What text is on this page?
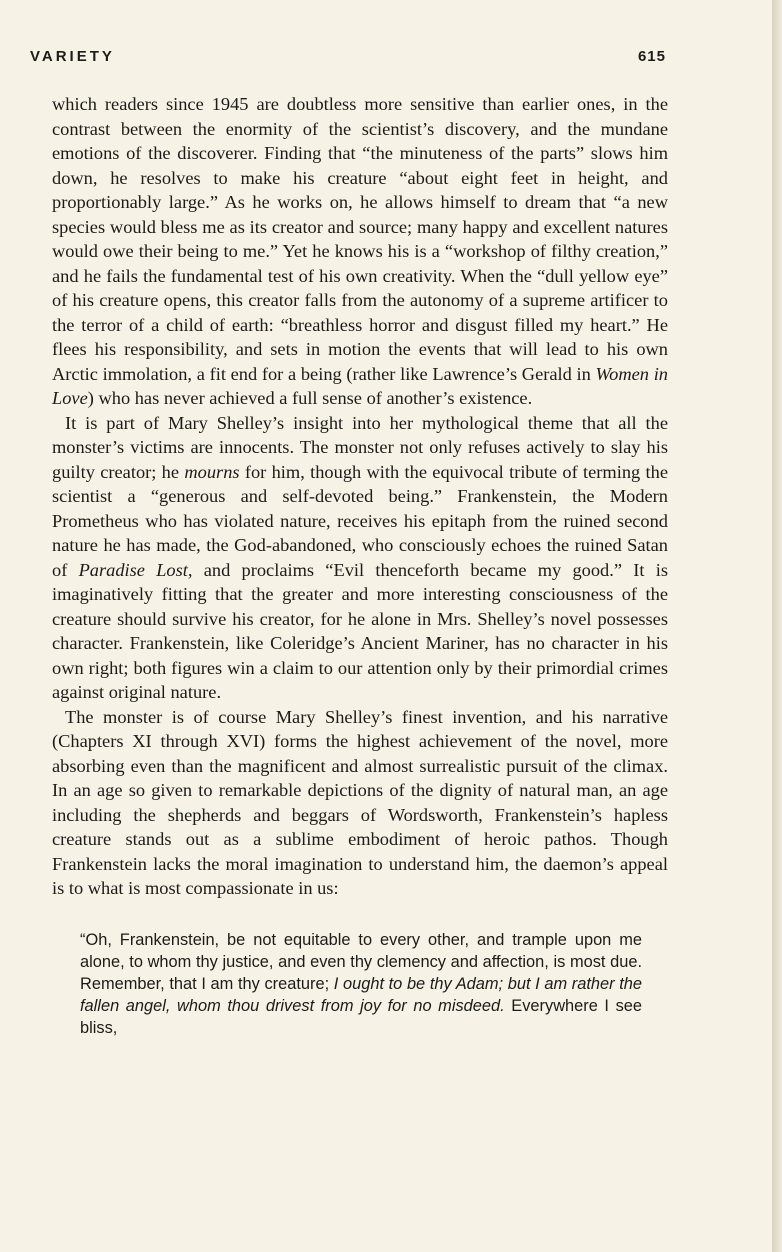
VARIETY	615

which readers since 1945 are doubtless more sensitive than earlier ones, in the contrast between the enormity of the scientist’s discovery, and the mundane emotions of the discoverer. Finding that “the minuteness of the parts” slows him down, he resolves to make his creature “about eight feet in height, and proportionably large.” As he works on, he allows himself to dream that “a new species would bless me as its creator and source; many happy and excellent natures would owe their being to me.” Yet he knows his is a “workshop of filthy creation,” and he fails the fundamental test of his own creativity. When the “dull yellow eye” of his creature opens, this creator falls from the autonomy of a supreme artificer to the terror of a child of earth: “breathless horror and disgust filled my heart.” He flees his responsibility, and sets in motion the events that will lead to his own Arctic immolation, a fit end for a being (rather like Lawrence’s Gerald in Women in Love) who has never achieved a full sense of another’s existence.

It is part of Mary Shelley’s insight into her mythological theme that all the monster’s victims are innocents. The monster not only refuses actively to slay his guilty creator; he mourns for him, though with the equivocal tribute of terming the scientist a “generous and self-devoted being.” Frankenstein, the Modern Prometheus who has violated nature, receives his epitaph from the ruined second nature he has made, the God-abandoned, who consciously echoes the ruined Satan of Paradise Lost, and proclaims “Evil thenceforth became my good.” It is imaginatively fitting that the greater and more interesting consciousness of the creature should survive his creator, for he alone in Mrs. Shelley’s novel possesses character. Frankenstein, like Coleridge’s Ancient Mariner, has no character in his own right; both figures win a claim to our attention only by their primordial crimes against original nature.

The monster is of course Mary Shelley’s finest invention, and his narrative (Chapters XI through XVI) forms the highest achievement of the novel, more absorbing even than the magnificent and almost surrealistic pursuit of the climax. In an age so given to remarkable depictions of the dignity of natural man, an age including the shepherds and beggars of Wordsworth, Frankenstein’s hapless creature stands out as a sublime embodiment of heroic pathos. Though Frankenstein lacks the moral imagination to understand him, the daemon’s appeal is to what is most compassionate in us:

“Oh, Frankenstein, be not equitable to every other, and trample upon me alone, to whom thy justice, and even thy clemency and affection, is most due. Remember, that I am thy creature; I ought to be thy Adam; but I am rather the fallen angel, whom thou drivest from joy for no misdeed. Everywhere I see bliss,
